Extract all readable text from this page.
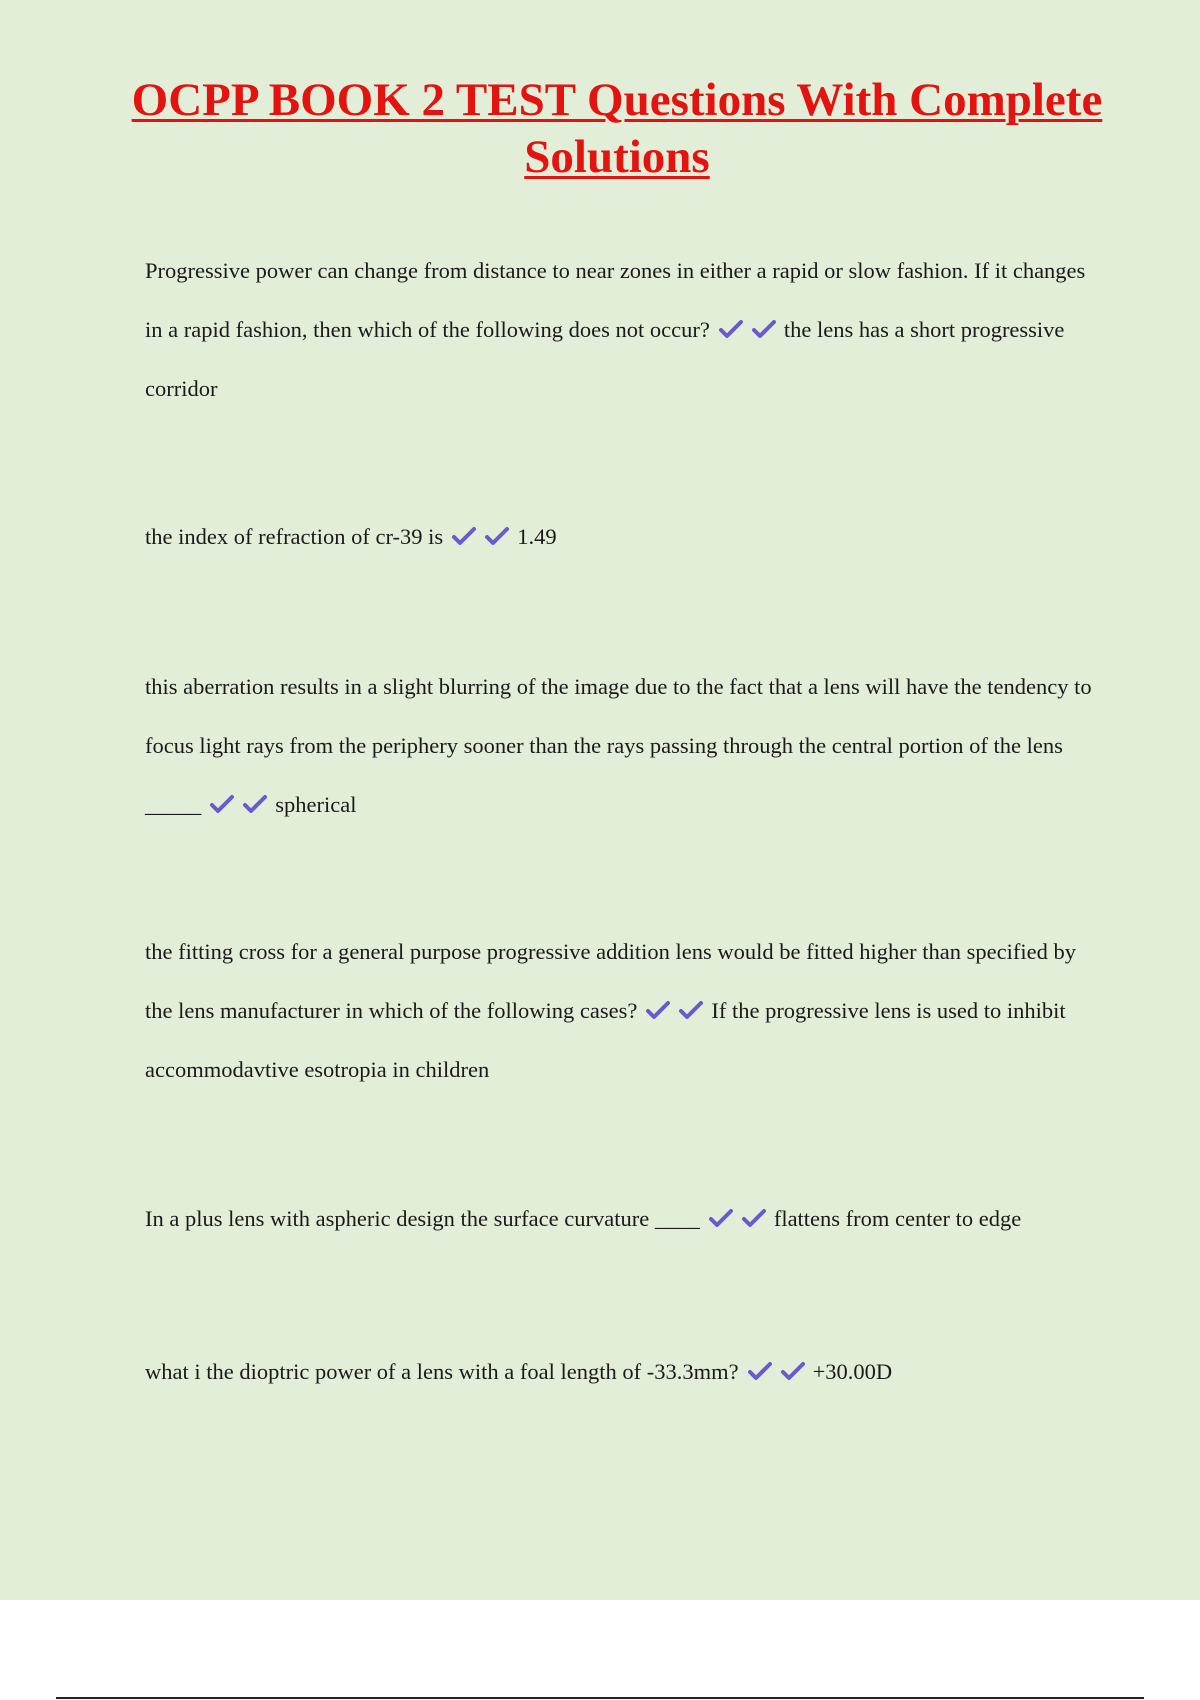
OCPP BOOK 2 TEST Questions With Complete Solutions

Progressive power can change from distance to near zones in either a rapid or slow fashion. If it changes in a rapid fashion, then which of the following does not occur?	the lens has a short progressive corridor

the index of refraction of cr-39 is	1.49

this aberration results in a slight blurring of the image due to the fact that a lens will have the tendency to focus light rays from the periphery sooner than the rays passing through the central portion of the lens _____	spherical

the fitting cross for a general purpose progressive addition lens would be fitted higher than specified by the lens manufacturer in which of the following cases?	If the progressive lens is used to inhibit accommodavtive esotropia in children

In a plus lens with aspheric design the surface curvature ____	flattens from center to edge

what i the dioptric power of a lens with a foal length of -33.3mm?	+30.00D
